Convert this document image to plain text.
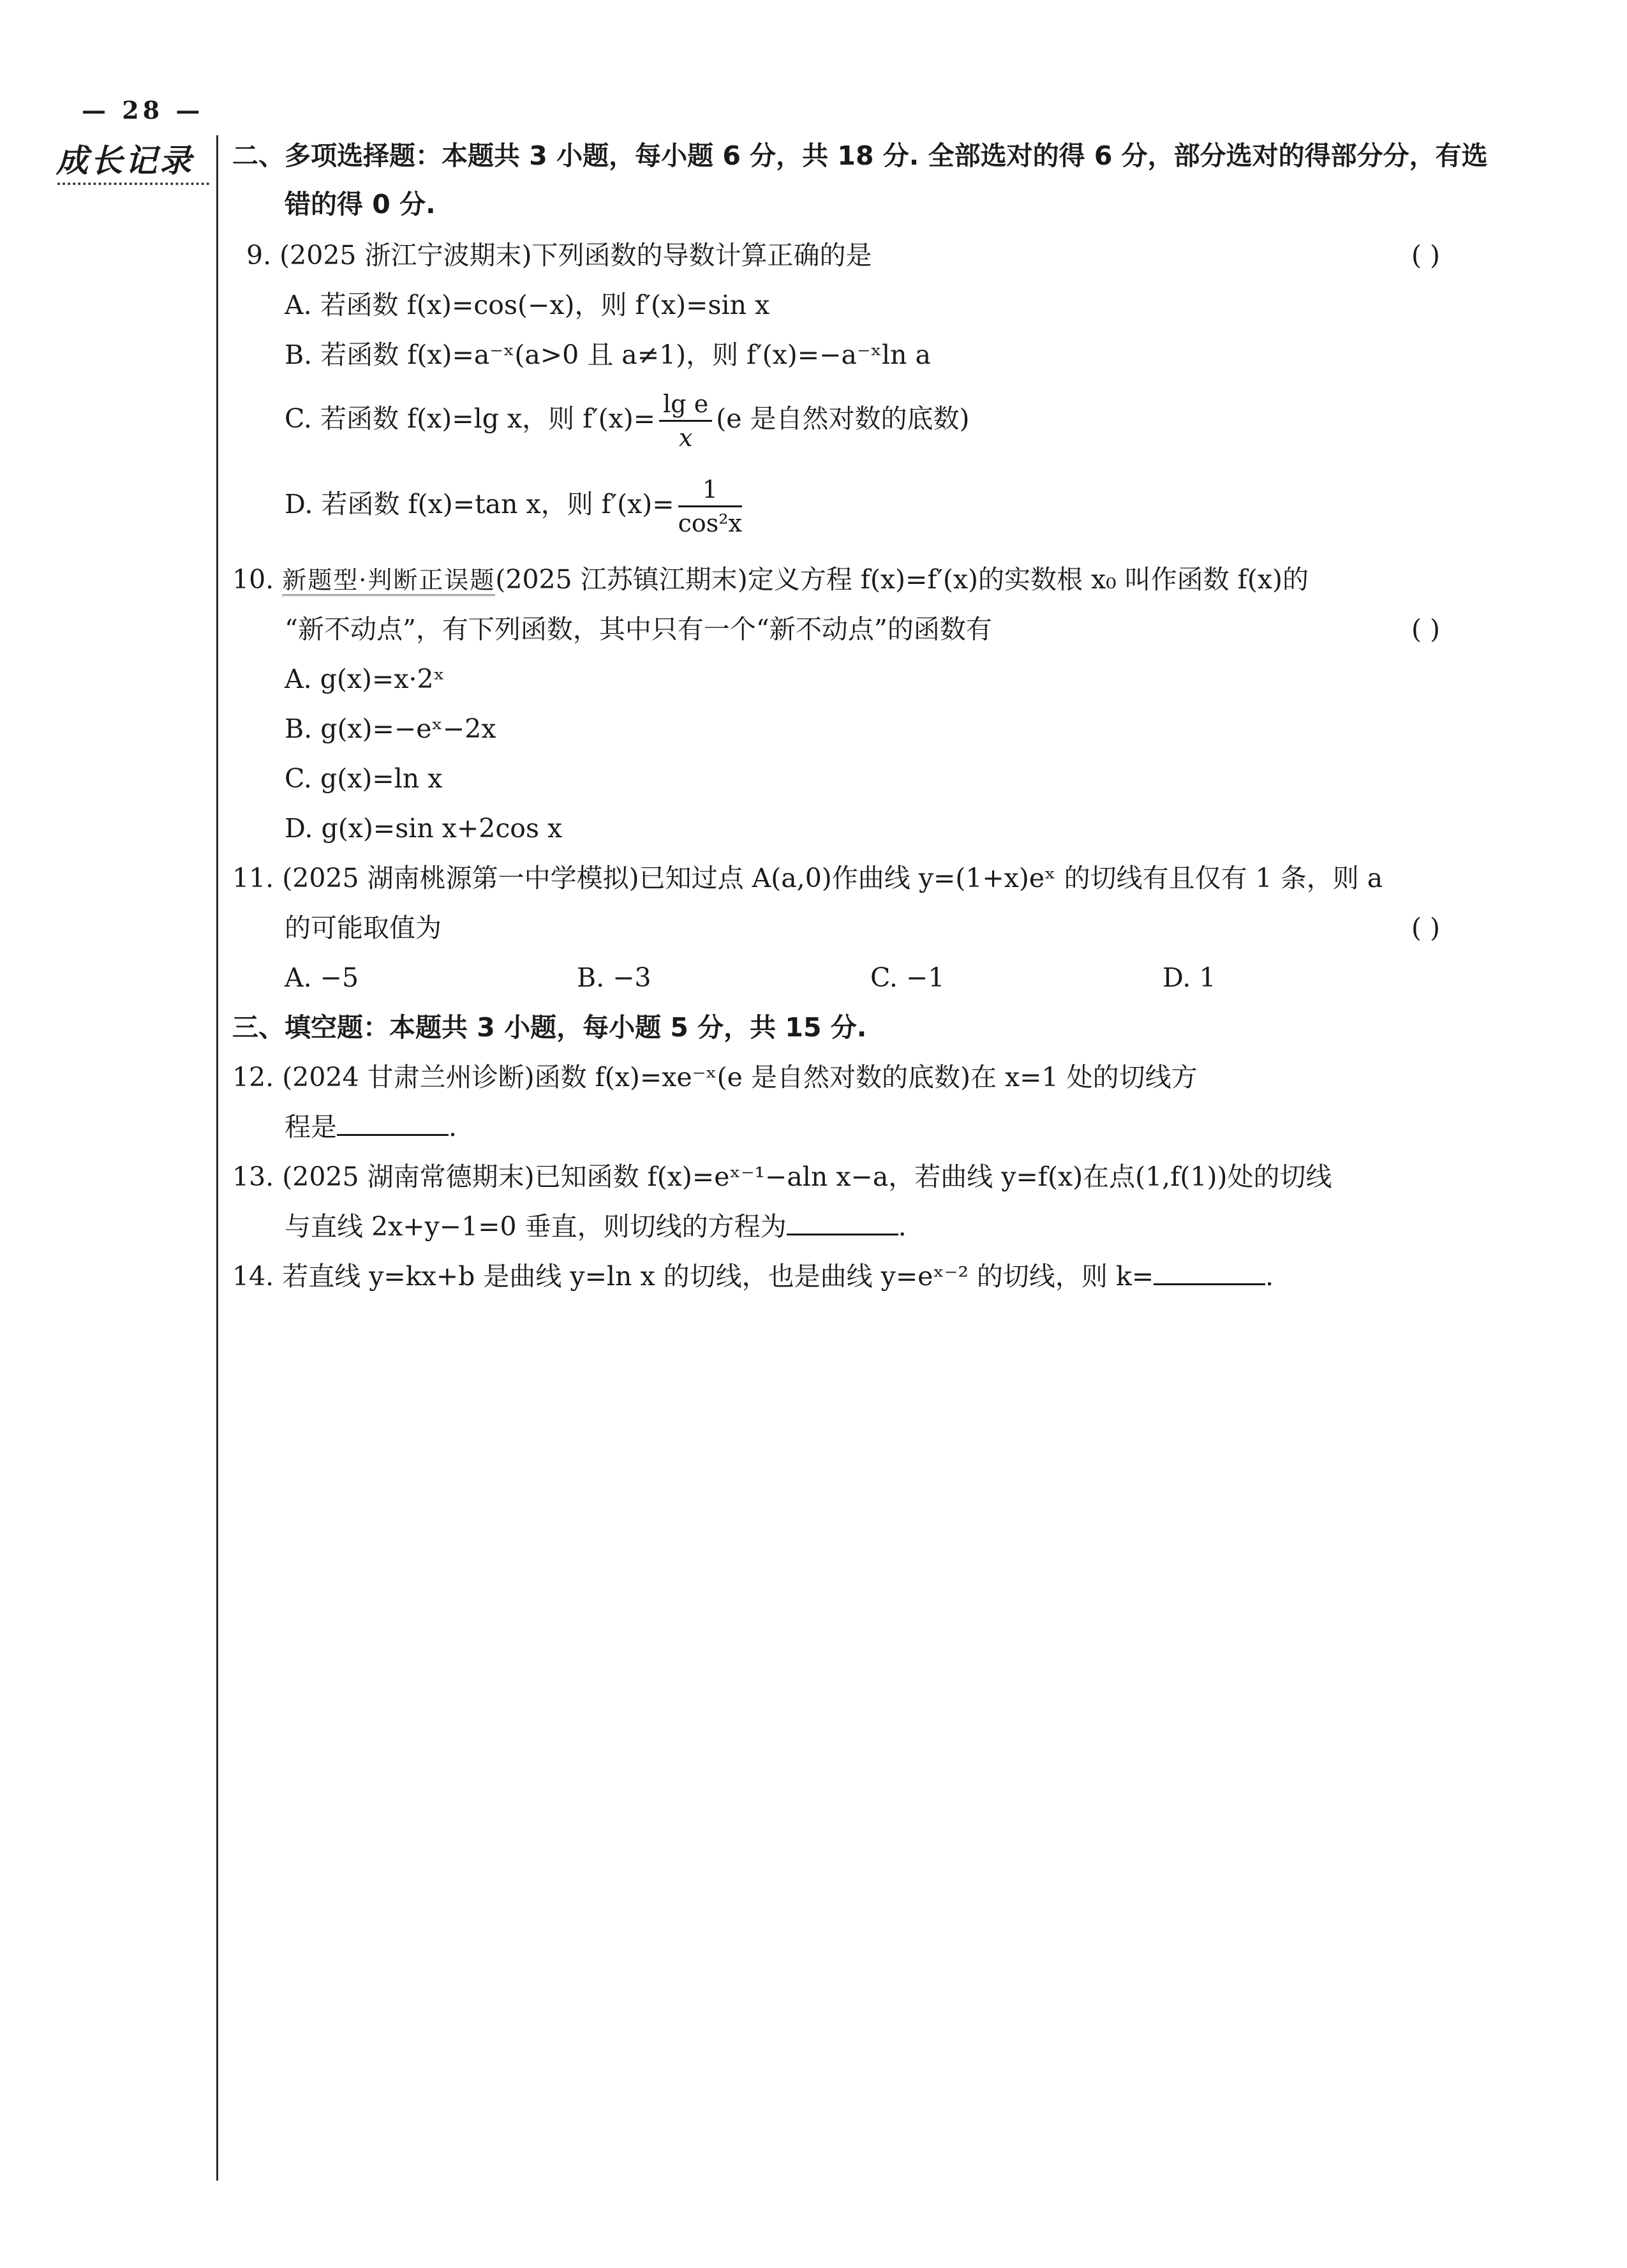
— 28 —
成长记录 二、多项选择题：本题共 3 小题，每小题 6 分，共 18 分. 全部选对的得 6 分，部分选对的得部分分，有选
错的得 0 分.
9. (2025 浙江宁波期末)下列函数的导数计算正确的是	( )
A. 若函数 f(x)=cos(−x)，则 f′(x)=sin x
B. 若函数 f(x)=a⁻ˣ(a>0 且 a≠1)，则 f′(x)=−a⁻ˣln a
C. 若函数 f(x)=lg x，则 $f'(x)= \frac{\text{lg e}}{x} (e$ 是自然对数的底数)
D. 若函数 f(x)=tan x，则 $f'(x)= \frac{1}{\text{cos²x}}$
10. 新题型·判断正误题(2025 江苏镇江期末)定义方程 f(x)=f′(x)的实数根 x₀ 叫作函数 f(x)的
“新不动点”，有下列函数，其中只有一个“新不动点”的函数有	( )
A. g(x)=x·2ˣ
B. g(x)=−eˣ−2x
C. g(x)=ln x
D. g(x)=sin x+2cos x
11. (2025 湖南桃源第一中学模拟)已知过点 A(a,0)作曲线 y=(1+x)eˣ 的切线有且仅有 1 条，则 a
的可能取值为	( )
A. −5	B. −3	C. −1	D. 1
三、填空题：本题共 3 小题，每小题 5 分，共 15 分.
12. (2024 甘肃兰州诊断)函数 f(x)=xe⁻ˣ(e 是自然对数的底数)在 x=1 处的切线方
程是	.
13. (2025 湖南常德期末)已知函数 f(x)=eˣ⁻¹−aln x−a，若曲线 y=f(x)在点(1,f(1))处的切线
与直线 2x+y−1=0 垂直，则切线的方程为	.
14. 若直线 y=kx+b 是曲线 y=ln x 的切线，也是曲线 y=eˣ⁻² 的切线，则 k=	.
